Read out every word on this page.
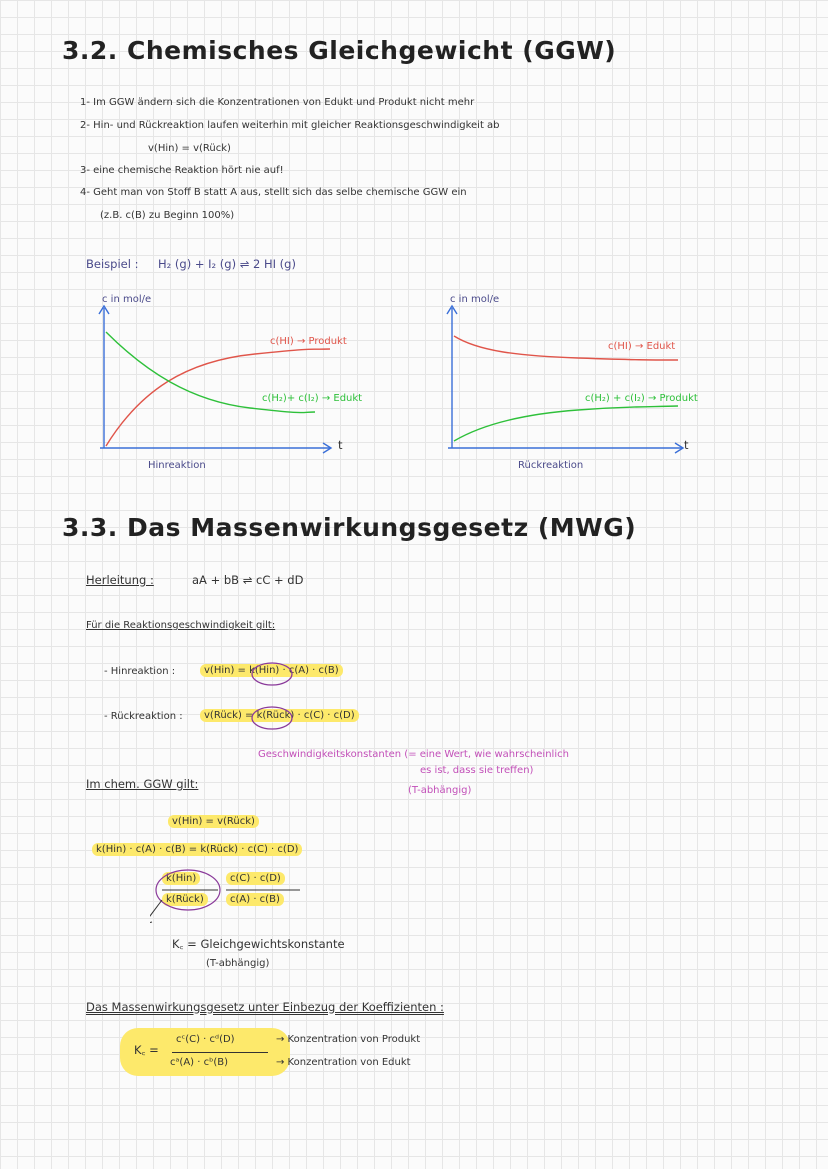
3.2. Chemisches Gleichgewicht (GGW)
1- Im GGW ändern sich die Konzentrationen von Edukt und Produkt nicht mehr
2- Hin- und Rückreaktion laufen weiterhin mit gleicher Reaktionsgeschwindigkeit ab
v(Hin) = v(Rück)
3- eine chemische Reaktion hört nie auf!
4- Geht man von Stoff B statt A aus, stellt sich das selbe chemische GGW ein
(z.B. c(B) zu Beginn 100%)
Beispiel : H₂ (g) + I₂ (g) ⇌ 2 HI (g)
c in mol/e
t
Hinreaktion
c(HI) → Produkt
c(H₂)+ c(I₂) → Edukt
c in mol/e
t
Rückreaktion
c(HI) → Edukt
c(H₂) + c(I₂) → Produkt
3.3. Das Massenwirkungsgesetz (MWG)
Herleitung :	aA + bB ⇌ cC + dD
Für die Reaktionsgeschwindigkeit gilt:
- Hinreaktion :	v(Hin) = k(Hin) · c(A) · c(B)
- Rückreaktion :	v(Rück) = k(Rück) · c(C) · c(D)
Geschwindigkeitskonstanten (= eine Wert, wie wahrscheinlich
es ist, dass sie treffen)
(T-abhängig)
Im chem. GGW gilt:
v(Hin) = v(Rück)
k(Hin) · c(A) · c(B) = k(Rück) · c(C) · c(D)
k(Hin)
k(Rück)
c(C) · c(D)
c(A) · c(B)
K꜀ = Gleichgewichtskonstante
(T-abhängig)
Das Massenwirkungsgesetz unter Einbezug der Koeffizienten :
K꜀ =
cᶜ(C) · cᵈ(D)
cᵃ(A) · cᵇ(B)
→ Konzentration von Produkt
→ Konzentration von Edukt
